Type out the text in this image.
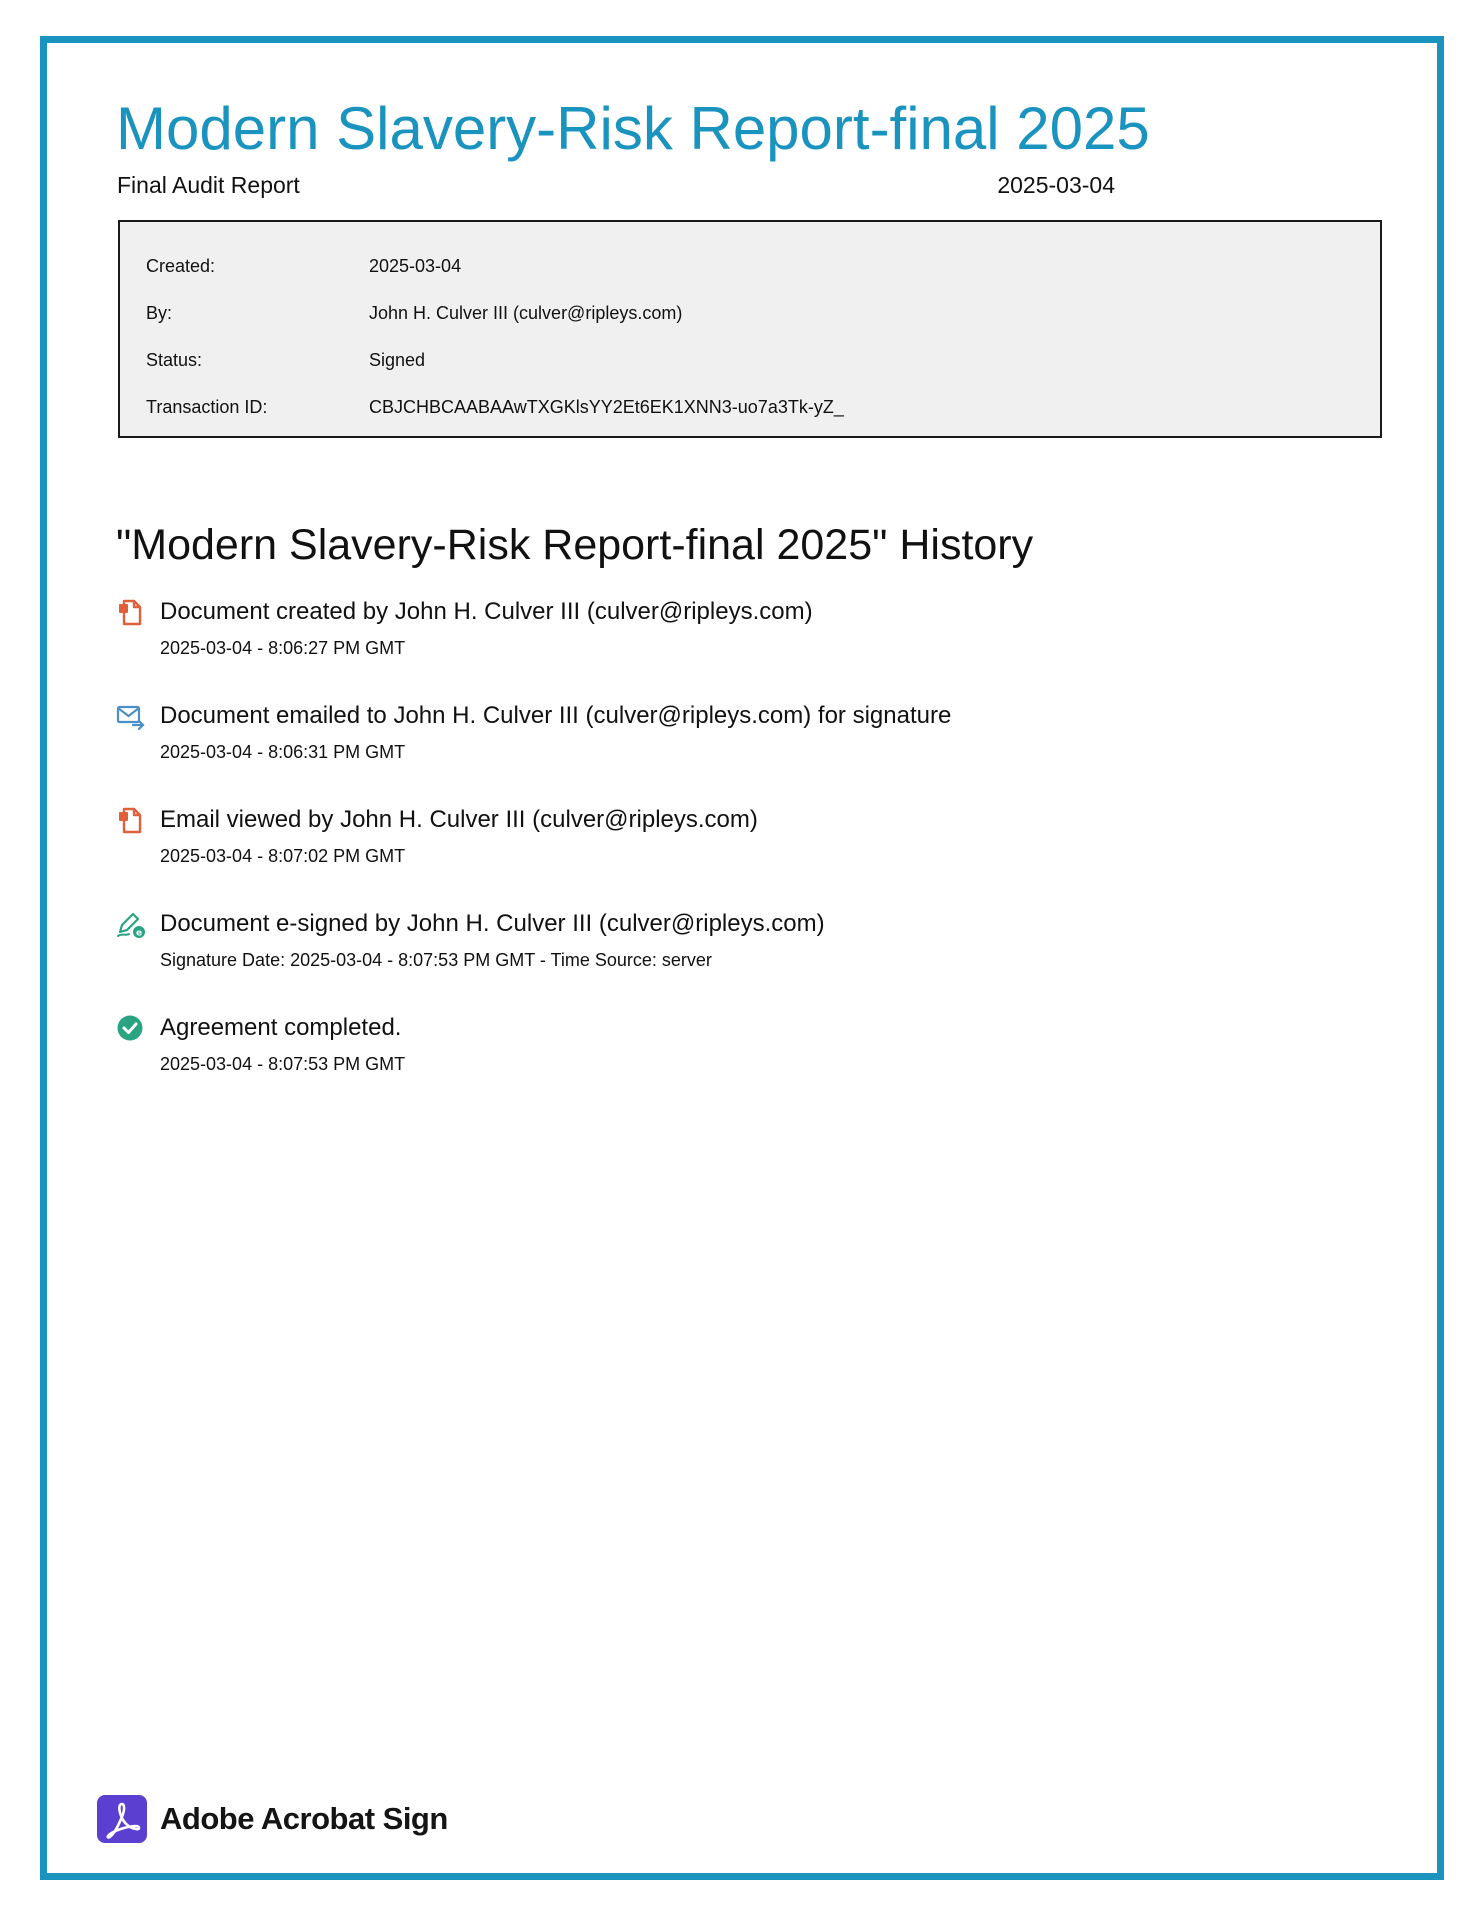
Modern Slavery-Risk Report-final 2025
Final Audit Report	2025-03-04
Created:	2025-03-04
By:	John H. Culver III (culver@ripleys.com)
Status:	Signed
Transaction ID:	CBJCHBCAABAAwTXGKlsYY2Et6EK1XNN3-uo7a3Tk-yZ_
"Modern Slavery-Risk Report-final 2025" History
Document created by John H. Culver III (culver@ripleys.com)
2025-03-04 - 8:06:27 PM GMT
Document emailed to John H. Culver III (culver@ripleys.com) for signature
2025-03-04 - 8:06:31 PM GMT
Email viewed by John H. Culver III (culver@ripleys.com)
2025-03-04 - 8:07:02 PM GMT
e Document e-signed by John H. Culver III (culver@ripleys.com)
Signature Date: 2025-03-04 - 8:07:53 PM GMT - Time Source: server
Agreement completed.
2025-03-04 - 8:07:53 PM GMT
Adobe Acrobat Sign
